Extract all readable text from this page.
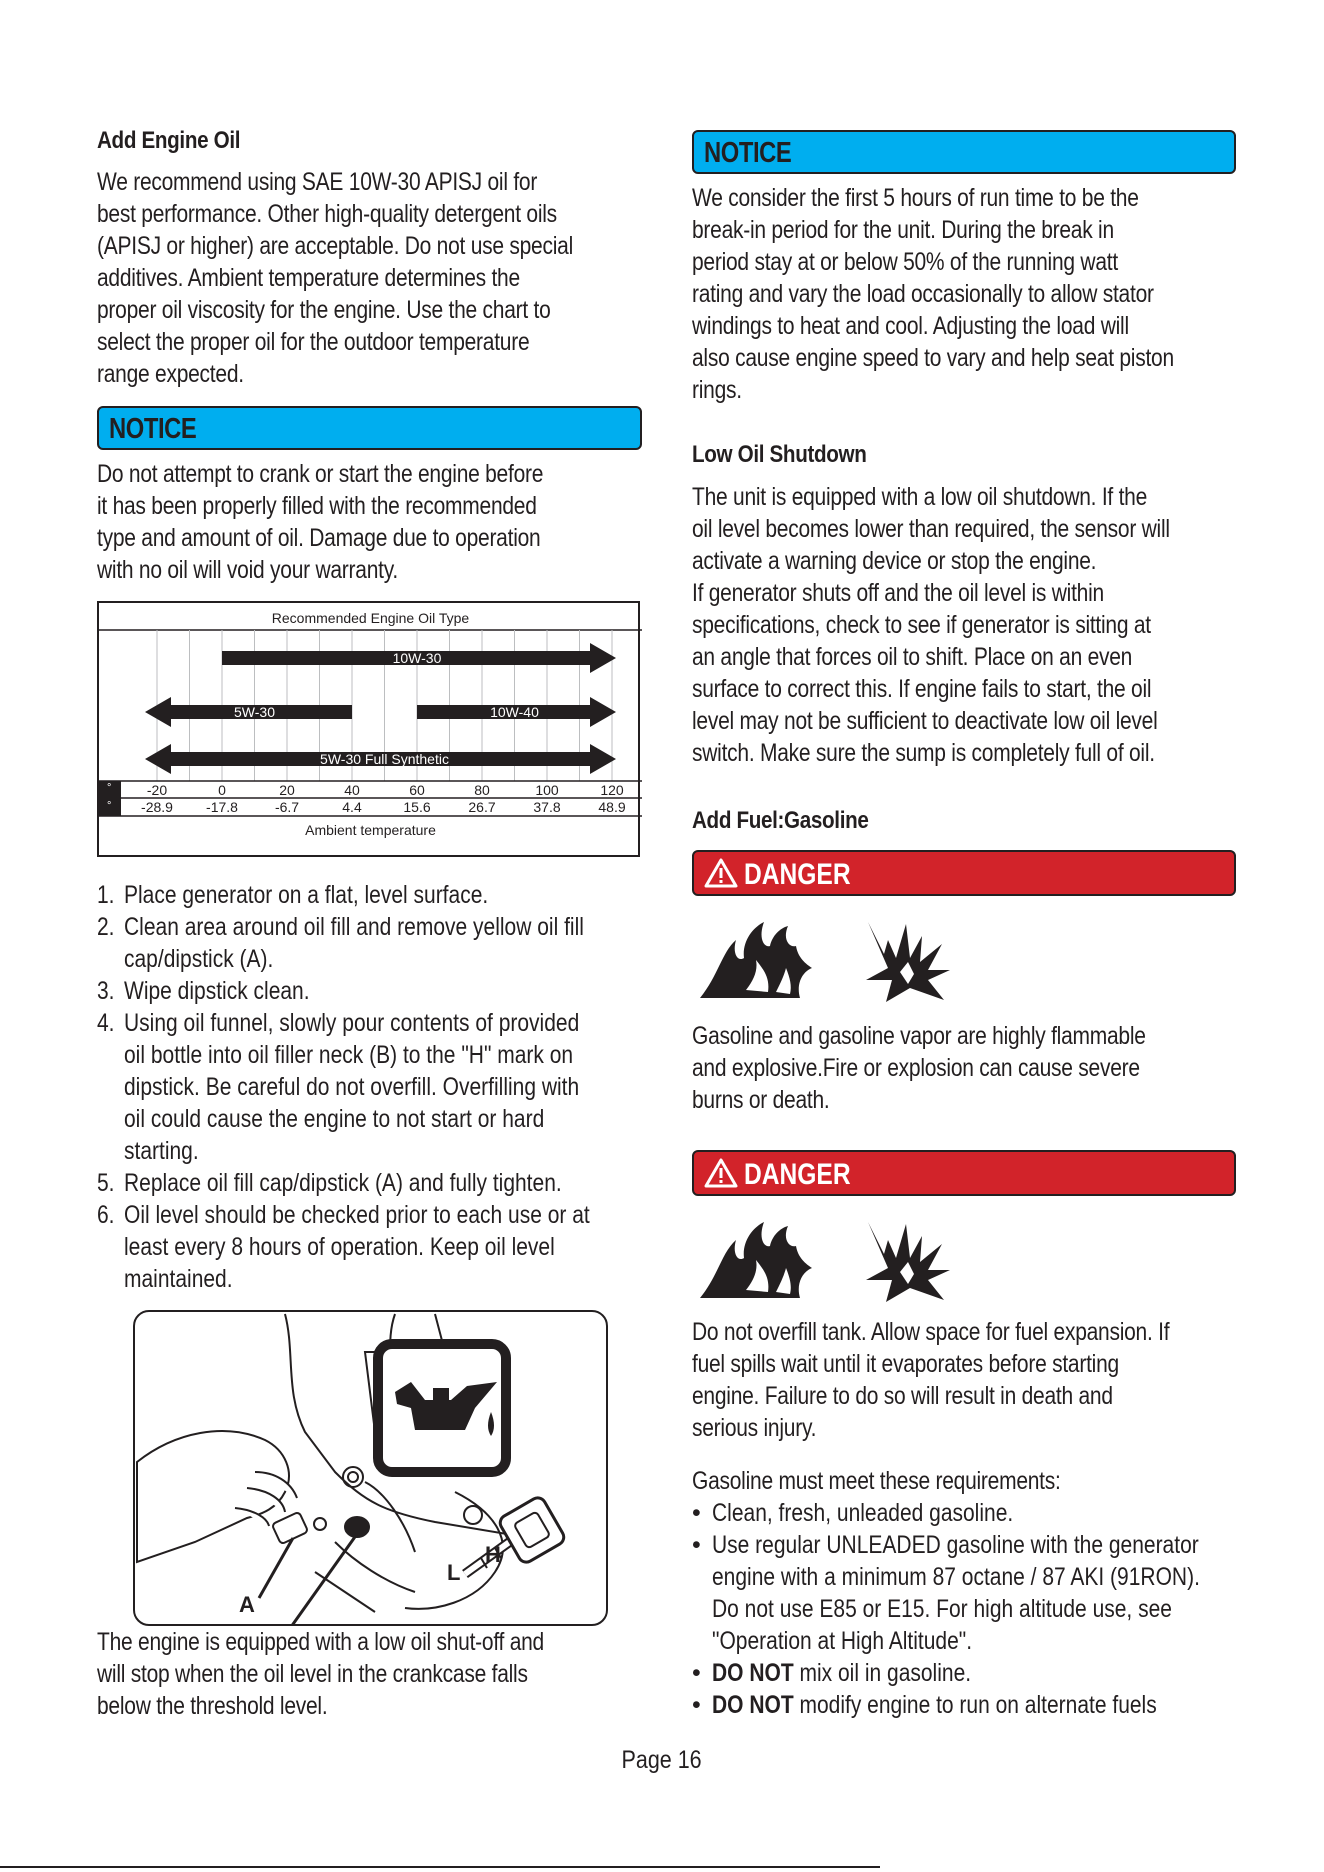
Add Engine Oil
We recommend using SAE 10W-30 APISJ oil for
best performance. Other high-quality detergent oils
(APISJ or higher) are acceptable. Do not use special
additives. Ambient temperature determines the
proper oil viscosity for the engine. Use the chart to
select the proper oil for the outdoor temperature
range expected.
NOTICE
Do not attempt to crank or start the engine before
it has been properly filled with the recommended
type and amount of oil. Damage due to operation
with no oil will void your warranty.
Recommended Engine Oil Type
10W-30
5W-30	10W-40
5W-30 Full Synthetic
°
°
-20	0	20	40	60	80	100	120
-28.9 -17.8	-6.7	4.4	15.6	26.7	37.8	48.9
Ambient temperature
1. Place generator on a flat, level surface.
2. Clean area around oil fill and remove yellow oil fill
cap/dipstick (A).
3. Wipe dipstick clean.
4. Using oil funnel, slowly pour contents of provided
oil bottle into oil filler neck (B) to the "H" mark on
dipstick. Be careful do not overfill. Overfilling with
oil could cause the engine to not start or hard
starting.
5. Replace oil fill cap/dipstick (A) and fully tighten.
6. Oil level should be checked prior to each use or at
least every 8 hours of operation. Keep oil level
maintained.
A
L
H
The engine is equipped with a low oil shut-off and
will stop when the oil level in the crankcase falls
below the threshold level.
NOTICE
We consider the first 5 hours of run time to be the
break-in period for the unit. During the break in
period stay at or below 50% of the running watt
rating and vary the load occasionally to allow stator
windings to heat and cool. Adjusting the load will
also cause engine speed to vary and help seat piston
rings.
Low Oil Shutdown
The unit is equipped with a low oil shutdown. If the
oil level becomes lower than required, the sensor will
activate a warning device or stop the engine.
If generator shuts off and the oil level is within
specifications, check to see if generator is sitting at
an angle that forces oil to shift. Place on an even
surface to correct this. If engine fails to start, the oil
level may not be sufficient to deactivate low oil level
switch. Make sure the sump is completely full of oil.
Add Fuel:Gasoline
DANGER
Gasoline and gasoline vapor are highly flammable
and explosive.Fire or explosion can cause severe
burns or death.
DANGER
Do not overfill tank. Allow space for fuel expansion. If
fuel spills wait until it evaporates before starting
engine. Failure to do so will result in death and
serious injury.
Gasoline must meet these requirements:
• Clean, fresh, unleaded gasoline.
• Use regular UNLEADED gasoline with the generator
engine with a minimum 87 octane / 87 AKI (91RON).
Do not use E85 or E15. For high altitude use, see
"Operation at High Altitude".
• DO NOT mix oil in gasoline.
• DO NOT modify engine to run on alternate fuels
Page 16
